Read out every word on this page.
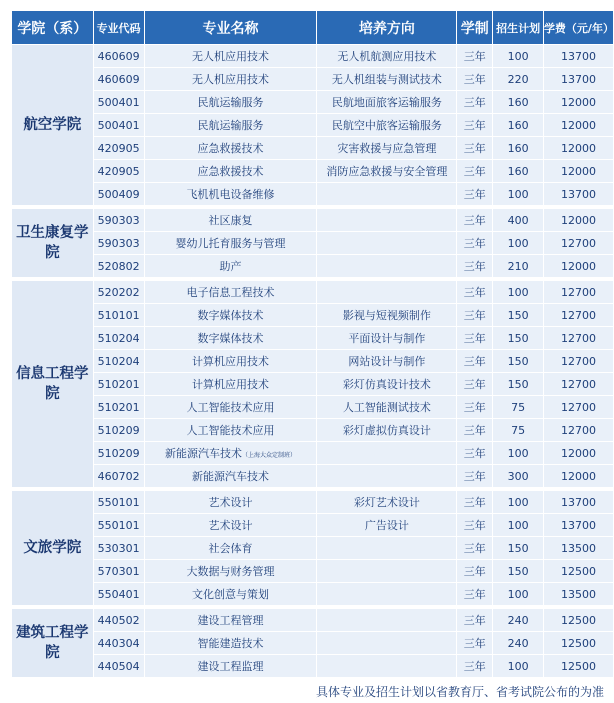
学院（系）	专业代码	专业名称	培养方向	学制	招生计划	学费（元/年）
航空学院	460609	无人机应用技术	无人机航测应用技术	三年	100	13700
	460609	无人机应用技术	无人机组装与测试技术	三年	220	13700
	500401	民航运输服务	民航地面旅客运输服务	三年	160	12000
	500401	民航运输服务	民航空中旅客运输服务	三年	160	12000
	420905	应急救援技术	灾害救援与应急管理	三年	160	12000
	420905	应急救援技术	消防应急救援与安全管理	三年	160	12000
	500409	飞机机电设备维修		三年	100	13700
卫生康复学院	590303	社区康复		三年	400	12000
	590303	婴幼儿托育服务与管理		三年	100	12700
	520802	助产		三年	210	12000
信息工程学院	520202	电子信息工程技术		三年	100	12700
	510101	数字媒体技术	影视与短视频制作	三年	150	12700
	510204	数字媒体技术	平面设计与制作	三年	150	12700
	510204	计算机应用技术	网站设计与制作	三年	150	12700
	510201	计算机应用技术	彩灯仿真设计技术	三年	150	12700
	510201	人工智能技术应用	人工智能测试技术	三年	75	12700
	510209	人工智能技术应用	彩灯虚拟仿真设计	三年	75	12700
	510209	新能源汽车技术（上海大众定制班）		三年	100	12000
	460702	新能源汽车技术		三年	300	12000
文旅学院	550101	艺术设计	彩灯艺术设计	三年	100	13700
	550101	艺术设计	广告设计	三年	100	13700
	530301	社会体育		三年	150	13500
	570301	大数据与财务管理		三年	150	12500
	550401	文化创意与策划		三年	100	13500
建筑工程学院	440502	建设工程管理		三年	240	12500
	440304	智能建造技术		三年	240	12500
	440504	建设工程监理		三年	100	12500
具体专业及招生计划以省教育厅、省考试院公布的为准
